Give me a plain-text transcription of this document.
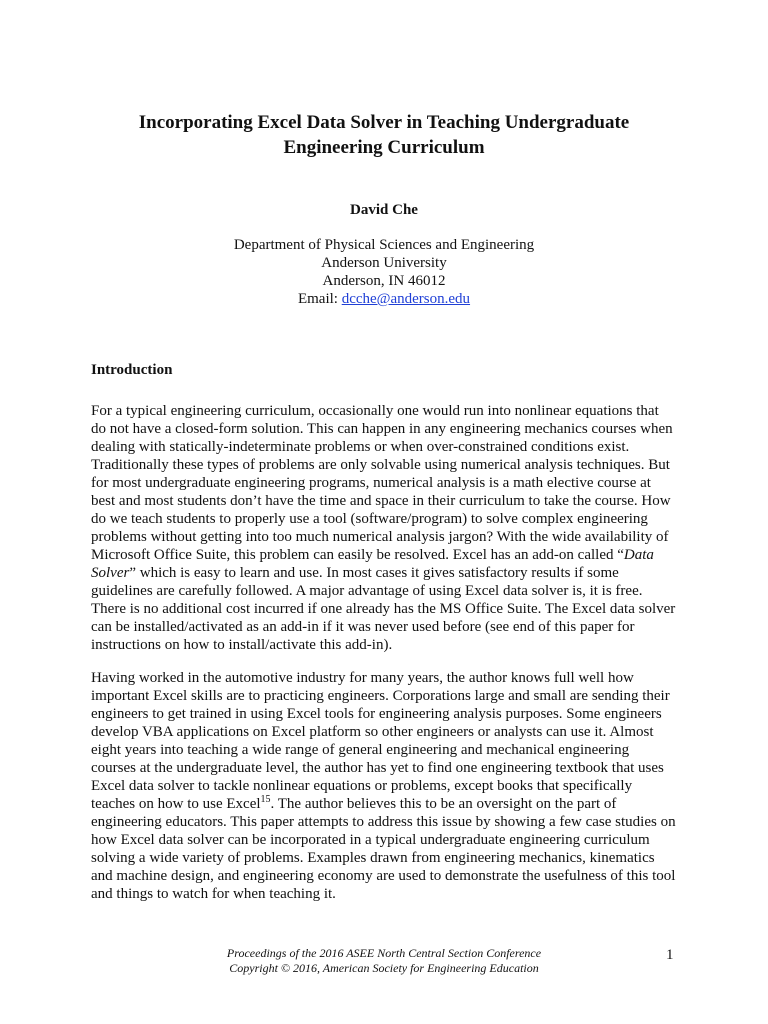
Incorporating Excel Data Solver in Teaching Undergraduate
Engineering Curriculum

David Che

Department of Physical Sciences and Engineering
Anderson University
Anderson, IN 46012
Email: dcche@anderson.edu
Introduction

For a typical engineering curriculum, occasionally one would run into nonlinear equations that
do not have a closed-form solution. This can happen in any engineering mechanics courses when
dealing with statically-indeterminate problems or when over-constrained conditions exist.
Traditionally these types of problems are only solvable using numerical analysis techniques. But
for most undergraduate engineering programs, numerical analysis is a math elective course at
best and most students don’t have the time and space in their curriculum to take the course. How
do we teach students to properly use a tool (software/program) to solve complex engineering
problems without getting into too much numerical analysis jargon? With the wide availability of
Microsoft Office Suite, this problem can easily be resolved. Excel has an add-on called “Data
Solver” which is easy to learn and use. In most cases it gives satisfactory results if some
guidelines are carefully followed. A major advantage of using Excel data solver is, it is free.
There is no additional cost incurred if one already has the MS Office Suite. The Excel data solver
can be installed/activated as an add-in if it was never used before (see end of this paper for
instructions on how to install/activate this add-in).

Having worked in the automotive industry for many years, the author knows full well how
important Excel skills are to practicing engineers. Corporations large and small are sending their
engineers to get trained in using Excel tools for engineering analysis purposes. Some engineers
develop VBA applications on Excel platform so other engineers or analysts can use it. Almost
eight years into teaching a wide range of general engineering and mechanical engineering
courses at the undergraduate level, the author has yet to find one engineering textbook that uses
Excel data solver to tackle nonlinear equations or problems, except books that specifically
teaches on how to use Excel$^{15}$. The author believes this to be an oversight on the part of
engineering educators. This paper attempts to address this issue by showing a few case studies on
how Excel data solver can be incorporated in a typical undergraduate engineering curriculum
solving a wide variety of problems. Examples drawn from engineering mechanics, kinematics
and machine design, and engineering economy are used to demonstrate the usefulness of this tool
and things to watch for when teaching it.

Proceedings of the 2016 ASEE North Central Section Conference
Copyright © 2016, American Society for Engineering Education
1
